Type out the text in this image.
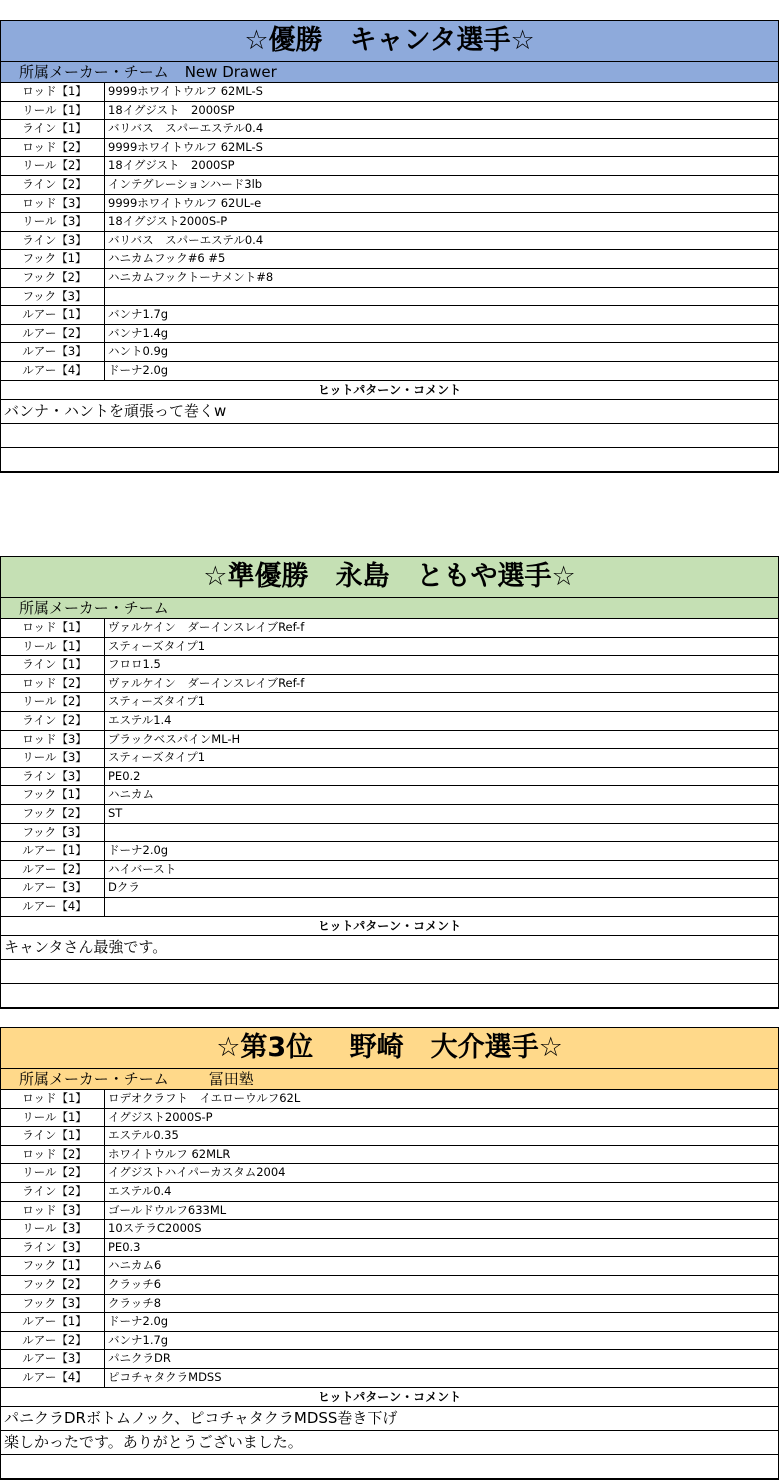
☆優勝　キャンタ選手☆
所属メーカー・チーム New Drawer
ロッド【1】	9999ホワイトウルフ 62ML-S
リール【1】	18イグジスト　2000SP
ライン【1】	バリバス　スパーエステル0.4
ロッド【2】	9999ホワイトウルフ 62ML-S
リール【2】	18イグジスト　2000SP
ライン【2】	インテグレーションハード3lb
ロッド【3】	9999ホワイトウルフ 62UL-e
リール【3】	18イグジスト2000S-P
ライン【3】	バリバス　スパーエステル0.4
フック【1】	ハニカムフック#6 #5
フック【2】	ハニカムフックトーナメント#8
フック【3】
ルアー【1】	バンナ1.7g
ルアー【2】	バンナ1.4g
ルアー【3】	ハント0.9g
ルアー【4】	ドーナ2.0g
ヒットパターン・コメント
バンナ・ハントを頑張って巻くw
☆準優勝　永島　ともや選手☆
所属メーカー・チーム
ロッド【1】	ヴァルケイン　ダーインスレイブRef-f
リール【1】	スティーズタイプ1
ライン【1】	フロロ1.5
ロッド【2】	ヴァルケイン　ダーインスレイブRef-f
リール【2】	スティーズタイプ1
ライン【2】	エステル1.4
ロッド【3】	ブラックベスパインML-H
リール【3】	スティーズタイプ1
ライン【3】	PE0.2
フック【1】	ハニカム
フック【2】	ST
フック【3】
ルアー【1】	ドーナ2.0g
ルアー【2】	ハイバースト
ルアー【3】	Dクラ
ルアー【4】
ヒットパターン・コメント
キャンタさん最強です。
☆第3位　 野崎　大介選手☆
所属メーカー・チーム	冨田塾
ロッド【1】	ロデオクラフト　イエローウルフ62L
リール【1】	イグジスト2000S-P
ライン【1】	エステル0.35
ロッド【2】	ホワイトウルフ 62MLR
リール【2】	イグジストハイパーカスタム2004
ライン【2】	エステル0.4
ロッド【3】	ゴールドウルフ633ML
リール【3】	10ステラC2000S
ライン【3】	PE0.3
フック【1】	ハニカム6
フック【2】	クラッチ6
フック【3】	クラッチ8
ルアー【1】	ドーナ2.0g
ルアー【2】	バンナ1.7g
ルアー【3】	パニクラDR
ルアー【4】	ピコチャタクラMDSS
ヒットパターン・コメント
パニクラDRボトムノック、ピコチャタクラMDSS巻き下げ
楽しかったです。ありがとうございました。
